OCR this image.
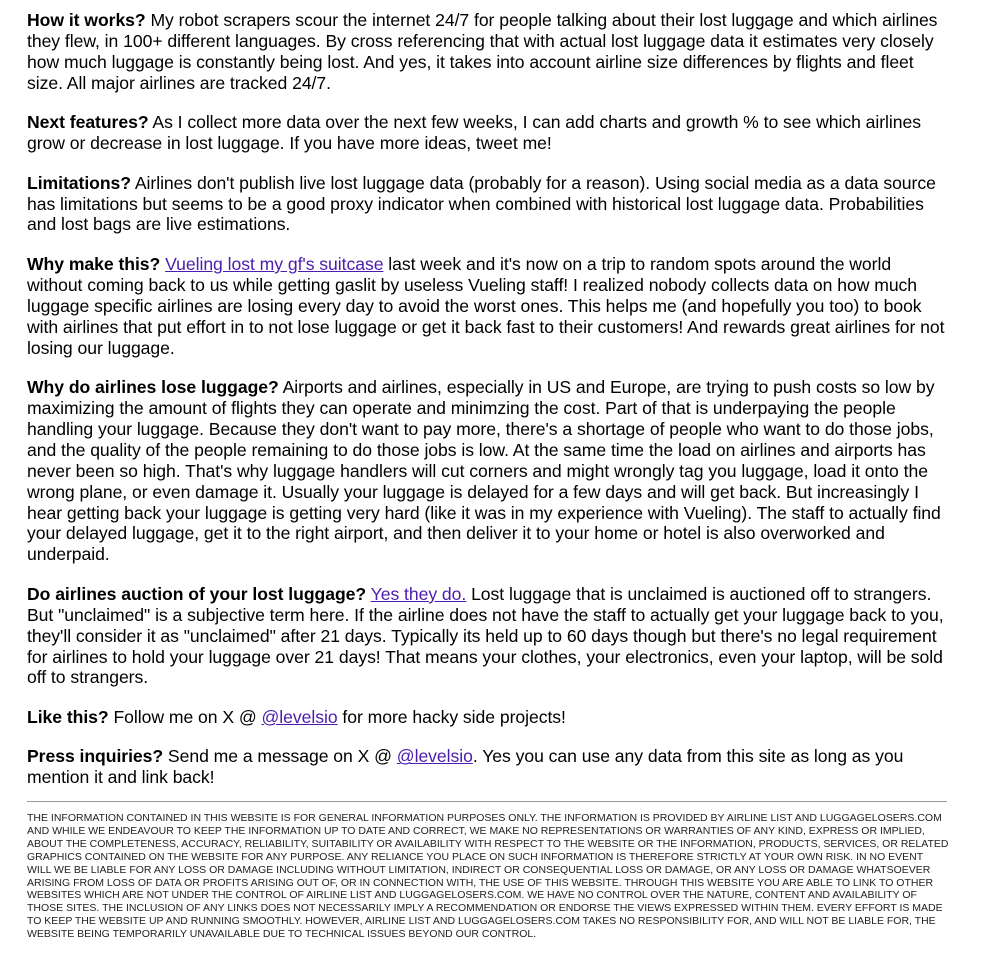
How it works? My robot scrapers scour the internet 24/7 for people talking about their lost luggage and which airlines they flew, in 100+ different languages. By cross referencing that with actual lost luggage data it estimates very closely how much luggage is constantly being lost. And yes, it takes into account airline size differences by flights and fleet size. All major airlines are tracked 24/7.

Next features? As I collect more data over the next few weeks, I can add charts and growth % to see which airlines grow or decrease in lost luggage. If you have more ideas, tweet me!

Limitations? Airlines don't publish live lost luggage data (probably for a reason). Using social media as a data source has limitations but seems to be a good proxy indicator when combined with historical lost luggage data. Probabilities and lost bags are live estimations.

Why make this? Vueling lost my gf's suitcase last week and it's now on a trip to random spots around the world without coming back to us while getting gaslit by useless Vueling staff! I realized nobody collects data on how much luggage specific airlines are losing every day to avoid the worst ones. This helps me (and hopefully you too) to book with airlines that put effort in to not lose luggage or get it back fast to their customers! And rewards great airlines for not losing our luggage.

Why do airlines lose luggage? Airports and airlines, especially in US and Europe, are trying to push costs so low by maximizing the amount of flights they can operate and minimzing the cost. Part of that is underpaying the people handling your luggage. Because they don't want to pay more, there's a shortage of people who want to do those jobs, and the quality of the people remaining to do those jobs is low. At the same time the load on airlines and airports has never been so high. That's why luggage handlers will cut corners and might wrongly tag you luggage, load it onto the wrong plane, or even damage it. Usually your luggage is delayed for a few days and will get back. But increasingly I hear getting back your luggage is getting very hard (like it was in my experience with Vueling). The staff to actually find your delayed luggage, get it to the right airport, and then deliver it to your home or hotel is also overworked and underpaid.

Do airlines auction of your lost luggage? Yes they do. Lost luggage that is unclaimed is auctioned off to strangers. But "unclaimed" is a subjective term here. If the airline does not have the staff to actually get your luggage back to you, they'll consider it as "unclaimed" after 21 days. Typically its held up to 60 days though but there's no legal requirement for airlines to hold your luggage over 21 days! That means your clothes, your electronics, even your laptop, will be sold off to strangers.

Like this? Follow me on X @ @levelsio for more hacky side projects!

Press inquiries? Send me a message on X @ @levelsio. Yes you can use any data from this site as long as you mention it and link back!

THE INFORMATION CONTAINED IN THIS WEBSITE IS FOR GENERAL INFORMATION PURPOSES ONLY. THE INFORMATION IS PROVIDED BY AIRLINE LIST AND LUGGAGELOSERS.COM AND WHILE WE ENDEAVOUR TO KEEP THE INFORMATION UP TO DATE AND CORRECT, WE MAKE NO REPRESENTATIONS OR WARRANTIES OF ANY KIND, EXPRESS OR IMPLIED, ABOUT THE COMPLETENESS, ACCURACY, RELIABILITY, SUITABILITY OR AVAILABILITY WITH RESPECT TO THE WEBSITE OR THE INFORMATION, PRODUCTS, SERVICES, OR RELATED GRAPHICS CONTAINED ON THE WEBSITE FOR ANY PURPOSE. ANY RELIANCE YOU PLACE ON SUCH INFORMATION IS THEREFORE STRICTLY AT YOUR OWN RISK. IN NO EVENT WILL WE BE LIABLE FOR ANY LOSS OR DAMAGE INCLUDING WITHOUT LIMITATION, INDIRECT OR CONSEQUENTIAL LOSS OR DAMAGE, OR ANY LOSS OR DAMAGE WHATSOEVER ARISING FROM LOSS OF DATA OR PROFITS ARISING OUT OF, OR IN CONNECTION WITH, THE USE OF THIS WEBSITE. THROUGH THIS WEBSITE YOU ARE ABLE TO LINK TO OTHER WEBSITES WHICH ARE NOT UNDER THE CONTROL OF AIRLINE LIST AND LUGGAGELOSERS.COM. WE HAVE NO CONTROL OVER THE NATURE, CONTENT AND AVAILABILITY OF THOSE SITES. THE INCLUSION OF ANY LINKS DOES NOT NECESSARILY IMPLY A RECOMMENDATION OR ENDORSE THE VIEWS EXPRESSED WITHIN THEM. EVERY EFFORT IS MADE TO KEEP THE WEBSITE UP AND RUNNING SMOOTHLY. HOWEVER, AIRLINE LIST AND LUGGAGELOSERS.COM TAKES NO RESPONSIBILITY FOR, AND WILL NOT BE LIABLE FOR, THE WEBSITE BEING TEMPORARILY UNAVAILABLE DUE TO TECHNICAL ISSUES BEYOND OUR CONTROL.
